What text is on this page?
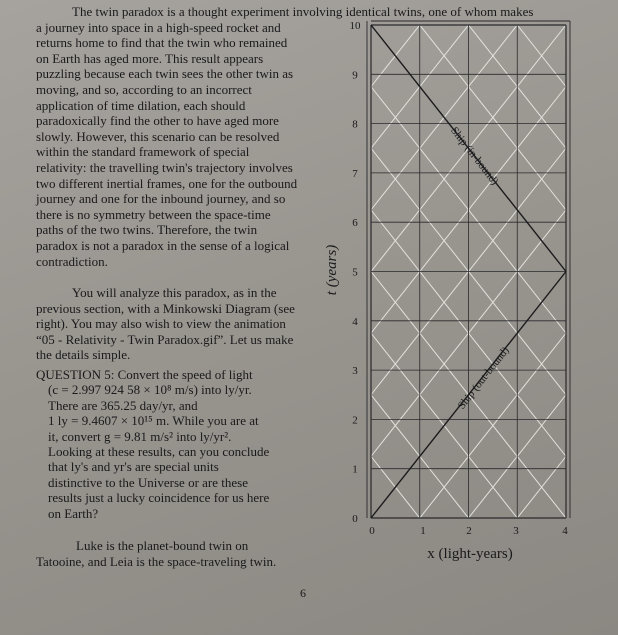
The twin paradox is a thought experiment involving identical twins, one of whom makes
a journey into space in a high-speed rocket and
returns home to find that the twin who remained
on Earth has aged more. This result appears
puzzling because each twin sees the other twin as
moving, and so, according to an incorrect
application of time dilation, each should
paradoxically find the other to have aged more
slowly. However, this scenario can be resolved
within the standard framework of special
relativity: the travelling twin's trajectory involves
two different inertial frames, one for the outbound
journey and one for the inbound journey, and so
there is no symmetry between the space-time
paths of the two twins. Therefore, the twin
paradox is not a paradox in the sense of a logical
contradiction.
You will analyze this paradox, as in the
previous section, with a Minkowski Diagram (see
right). You may also wish to view the animation
“05 - Relativity - Twin Paradox.gif”. Let us make
the details simple.
QUESTION 5: Convert the speed of light
(c = 2.997 924 58 × 10⁸ m/s) into ly/yr.
There are 365.25 day/yr, and
1 ly = 9.4607 × 10¹⁵ m. While you are at
it, convert g = 9.81 m/s² into ly/yr².
Looking at these results, can you conclude
that ly's and yr's are special units
distinctive to the Universe or are these
results just a lucky coincidence for us here
on Earth?
Luke is the planet-bound twin on
Tatooine, and Leia is the space-traveling twin.
0
1
2
3
4
5
6
7
8
9
10
0	1	2	3	4
t (years)
x (light-years)
Ship (out-bound)
Ship (in-bound)
6
